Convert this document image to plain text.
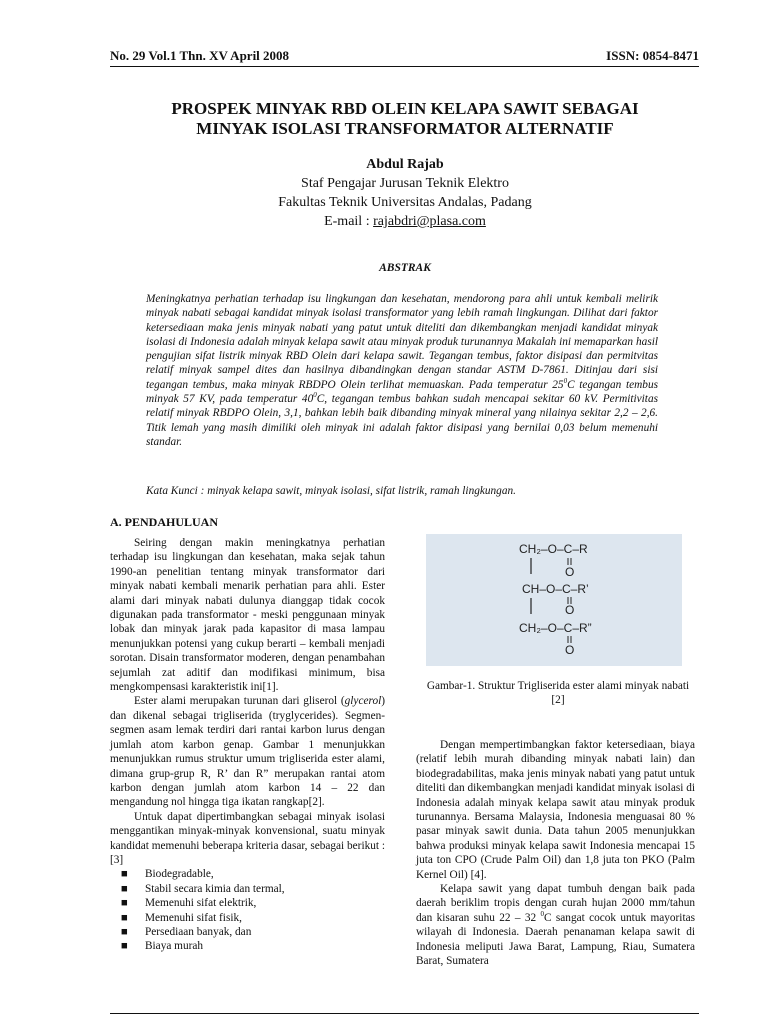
No. 29 Vol.1 Thn. XV April 2008	ISSN: 0854-8471
PROSPEK MINYAK RBD OLEIN KELAPA SAWIT SEBAGAI
MINYAK ISOLASI TRANSFORMATOR ALTERNATIF
Abdul Rajab
Staf Pengajar Jurusan Teknik Elektro
Fakultas Teknik Universitas Andalas, Padang
E-mail : rajabdri@plasa.com
ABSTRAK
Meningkatnya perhatian terhadap isu lingkungan dan kesehatan, mendorong para ahli untuk kembali melirik minyak nabati sebagai kandidat minyak isolasi transformator yang lebih ramah lingkungan. Dilihat dari faktor ketersediaan maka jenis minyak nabati yang patut untuk diteliti dan dikembangkan menjadi kandidat minyak isolasi di Indonesia adalah minyak kelapa sawit atau minyak produk turunannya Makalah ini memaparkan hasil pengujian sifat listrik minyak RBD Olein dari kelapa sawit. Tegangan tembus, faktor disipasi dan permitvitas relatif minyak sampel dites dan hasilnya dibandingkan dengan standar ASTM D-7861. Ditinjau dari sisi tegangan tembus, maka minyak RBDPO Olein terlihat memuaskan. Pada temperatur $25^0C$ tegangan tembus minyak 57 KV, pada temperatur $40^0C$, tegangan tembus bahkan sudah mencapai sekitar 60 kV. Permitivitas relatif minyak RBDPO Olein, 3,1, bahkan lebih baik dibanding minyak mineral yang nilainya sekitar 2,2 – 2,6. Titik lemah yang masih dimiliki oleh minyak ini adalah faktor disipasi yang bernilai 0,03 belum memenuhi standar.
Kata Kunci : minyak kelapa sawit, minyak isolasi, sifat listrik, ramah lingkungan.
A. PENDAHULUAN

Seiring dengan makin meningkatnya perhatian terhadap isu lingkungan dan kesehatan, maka sejak tahun 1990-an penelitian tentang minyak transformator dari minyak nabati kembali menarik perhatian para ahli. Ester alami dari minyak nabati dulunya dianggap tidak cocok digunakan pada transformator - meski penggunaan minyak lobak dan minyak jarak pada kapasitor di masa lampau menunjukkan potensi yang cukup berarti – kembali menjadi sorotan. Disain transformator moderen, dengan penambahan sejumlah zat aditif dan modifikasi minimum, bisa mengkompensasi karakteristik ini[1].

Ester alami merupakan turunan dari gliserol (glycerol) dan dikenal sebagai trigliserida (tryglycerides). Segmen-segmen asam lemak terdiri dari rantai karbon lurus dengan jumlah atom karbon genap. Gambar 1 menunjukkan menunjukkan rumus struktur umum trigliserida ester alami, dimana grup-grup R, R’ dan R” merupakan rantai atom karbon dengan jumlah atom karbon 14 – 22 dan mengandung nol hingga tiga ikatan rangkap[2].

Untuk dapat dipertimbangkan sebagai minyak isolasi menggantikan minyak-minyak konvensional, suatu minyak kandidat memenuhi beberapa kriteria dasar, sebagai berikut : [3]

■ Biodegradable,
■ Stabil secara kimia dan termal,
■ Memenuhi sifat elektrik,
■ Memenuhi sifat fisik,
■ Persediaan banyak, dan
■ Biaya murah
CH₂–O–C–R
O
CH–O–C–R’
O
CH₂–O–C–R”
O
Gambar-1. Struktur Trigliserida ester alami minyak nabati [2]

Dengan mempertimbangkan faktor ketersediaan, biaya (relatif lebih murah dibanding minyak nabati lain) dan biodegradabilitas, maka jenis minyak nabati yang patut untuk diteliti dan dikembangkan menjadi kandidat minyak isolasi di Indonesia adalah minyak kelapa sawit atau minyak produk turunannya. Bersama Malaysia, Indonesia menguasai 80 % pasar minyak sawit dunia. Data tahun 2005 menunjukkan bahwa produksi minyak kelapa sawit Indonesia mencapai 15 juta ton CPO (Crude Palm Oil) dan 1,8 juta ton PKO (Palm Kernel Oil) [4].

Kelapa sawit yang dapat tumbuh dengan baik pada daerah beriklim tropis dengan curah hujan 2000 mm/tahun dan kisaran suhu 22 – 32 $^0$C sangat cocok untuk mayoritas wilayah di Indonesia. Daerah penanaman kelapa sawit di Indonesia meliputi Jawa Barat, Lampung, Riau, Sumatera Barat, Sumatera
